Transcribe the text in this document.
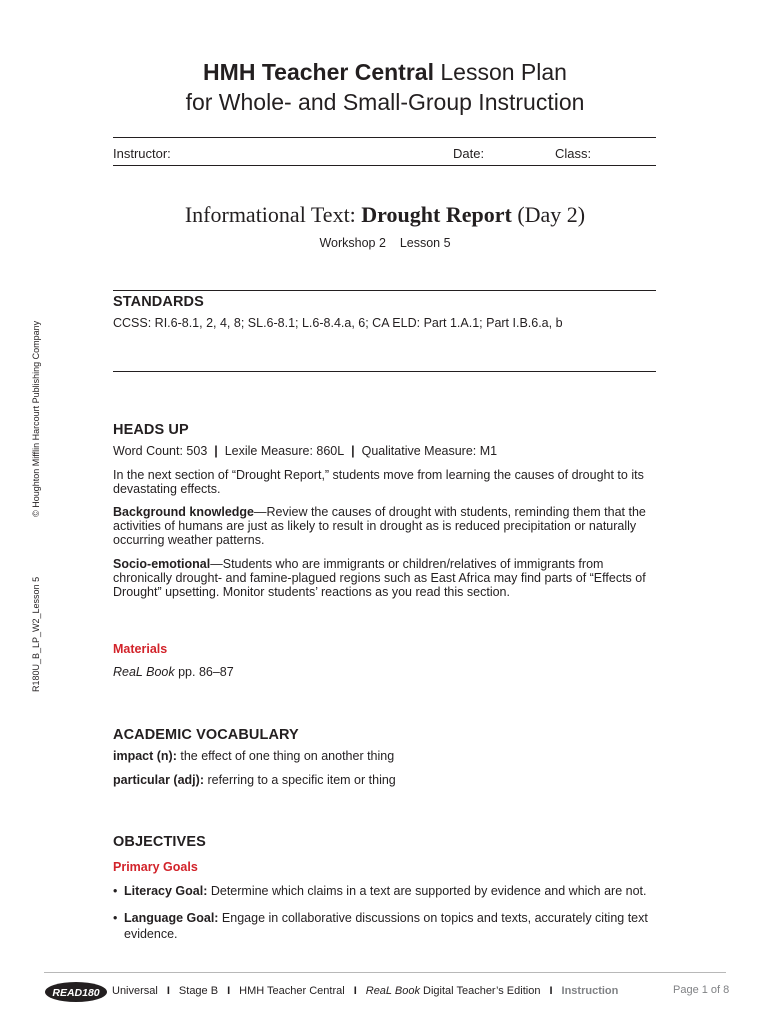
HMH Teacher Central Lesson Plan
for Whole- and Small-Group Instruction
Instructor:	Date:	Class:
Informational Text: Drought Report (Day 2)
Workshop 2 Lesson 5
STANDARDS
CCSS: RI.6-8.1, 2, 4, 8; SL.6-8.1; L.6-8.4.a, 6; CA ELD: Part 1.A.1; Part I.B.6.a, b
HEADS UP
Word Count: 503 | Lexile Measure: 860L | Qualitative Measure: M1
In the next section of “Drought Report,” students move from learning the causes of drought to its devastating effects.
Background knowledge—Review the causes of drought with students, reminding them that the activities of humans are just as likely to result in drought as is reduced precipitation or naturally occurring weather patterns.
Socio-emotional—Students who are immigrants or children/relatives of immigrants from chronically drought- and famine-plagued regions such as East Africa may find parts of “Effects of Drought” upsetting. Monitor students’ reactions as you read this section.
Materials
ReaL Book pp. 86–87
ACADEMIC VOCABULARY
impact (n): the effect of one thing on another thing
particular (adj): referring to a specific item or thing
OBJECTIVES
Primary Goals
• Literacy Goal: Determine which claims in a text are supported by evidence and which are not.
• Language Goal: Engage in collaborative discussions on topics and texts, accurately citing text evidence.
R180U_B_LP_W2_Lesson 5© Houghton Mifflin Harcourt Publishing Company
READ180 Universal I Stage B I HMH Teacher Central I ReaL Book Digital Teacher’s Edition I Instruction	Page 1 of 8
